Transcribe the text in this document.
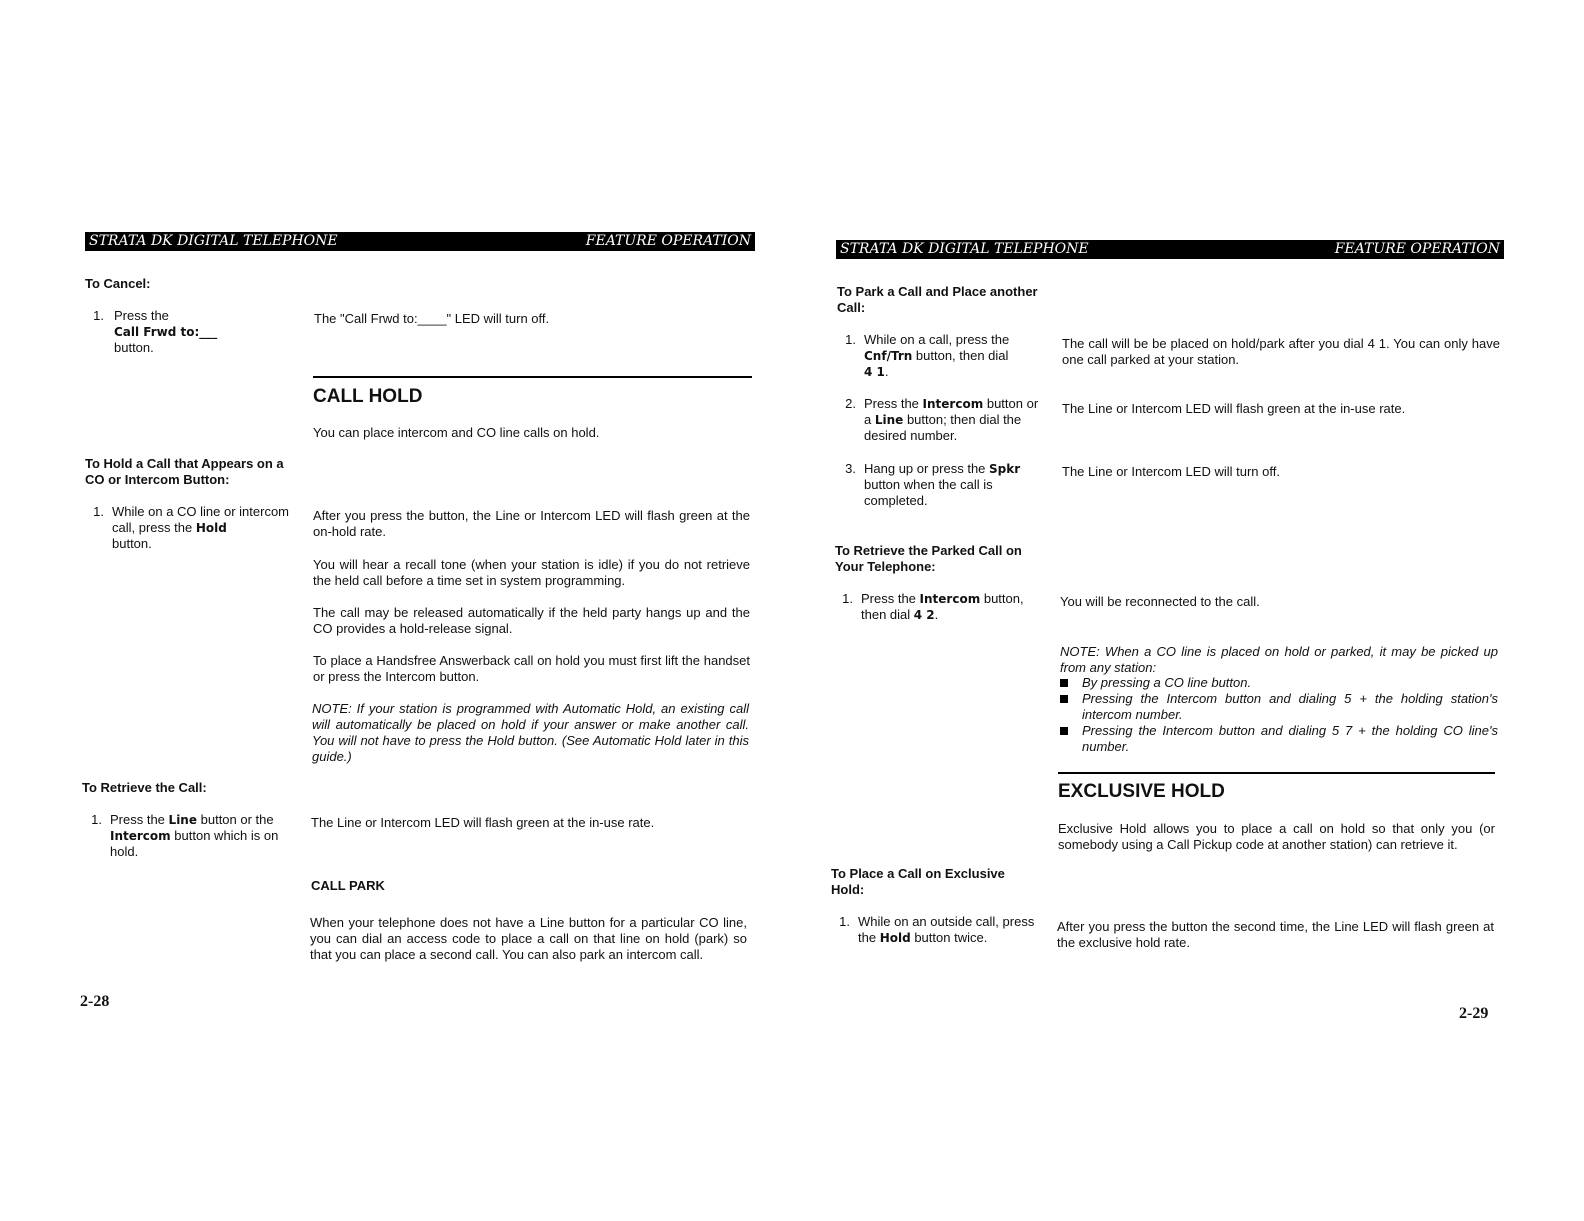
STRATA DK DIGITAL TELEPHONE	FEATURE OPERATION
To Cancel:
1. Press the
Call Frwd to:___
button.
The "Call Frwd to:____" LED will turn off.
CALL HOLD
You can place intercom and CO line calls on hold.
To Hold a Call that Appears on a
CO or Intercom Button:
1. While on a CO line or intercom call, press the Hold
button.
After you press the button, the Line or Intercom LED will flash green at the on-hold rate.
You will hear a recall tone (when your station is idle) if you do not retrieve the held call before a time set in system programming.
The call may be released automatically if the held party hangs up and the CO provides a hold-release signal.
To place a Handsfree Answerback call on hold you must first lift the handset or press the Intercom button.
NOTE: If your station is programmed with Automatic Hold, an existing call will automatically be placed on hold if your answer or make another call. You will not have to press the Hold button. (See Automatic Hold later in this guide.)
To Retrieve the Call:
1. Press the Line button or the
Intercom button which is on hold.
The Line or Intercom LED will flash green at the in-use rate.
CALL PARK
When your telephone does not have a Line button for a particular CO line, you can dial an access code to place a call on that line on hold (park) so that you can place a second call. You can also park an intercom call.
2-28
STRATA DK DIGITAL TELEPHONE	FEATURE OPERATION
To Park a Call and Place another
Call:
1. While on a call, press the
Cnf/Trn button, then dial
4 1.
The call will be be placed on hold/park after you dial 4 1. You can only have one call parked at your station.
2. Press the Intercom button or a Line button; then dial the desired number.
The Line or Intercom LED will flash green at the in-use rate.
3. Hang up or press the Spkr
button when the call is completed.
The Line or Intercom LED will turn off.
To Retrieve the Parked Call on
Your Telephone:
1. Press the Intercom button, then dial 4 2.
You will be reconnected to the call.
NOTE: When a CO line is placed on hold or parked, it may be picked up from any station:
By pressing a CO line button.
Pressing the Intercom button and dialing 5 + the holding station's intercom number.
Pressing the Intercom button and dialing 5 7 + the holding CO line's number.
EXCLUSIVE HOLD
Exclusive Hold allows you to place a call on hold so that only you (or somebody using a Call Pickup code at another station) can retrieve it.
To Place a Call on Exclusive
Hold:
1. While on an outside call, press the Hold button twice.
After you press the button the second time, the Line LED will flash green at the exclusive hold rate.
2-29
